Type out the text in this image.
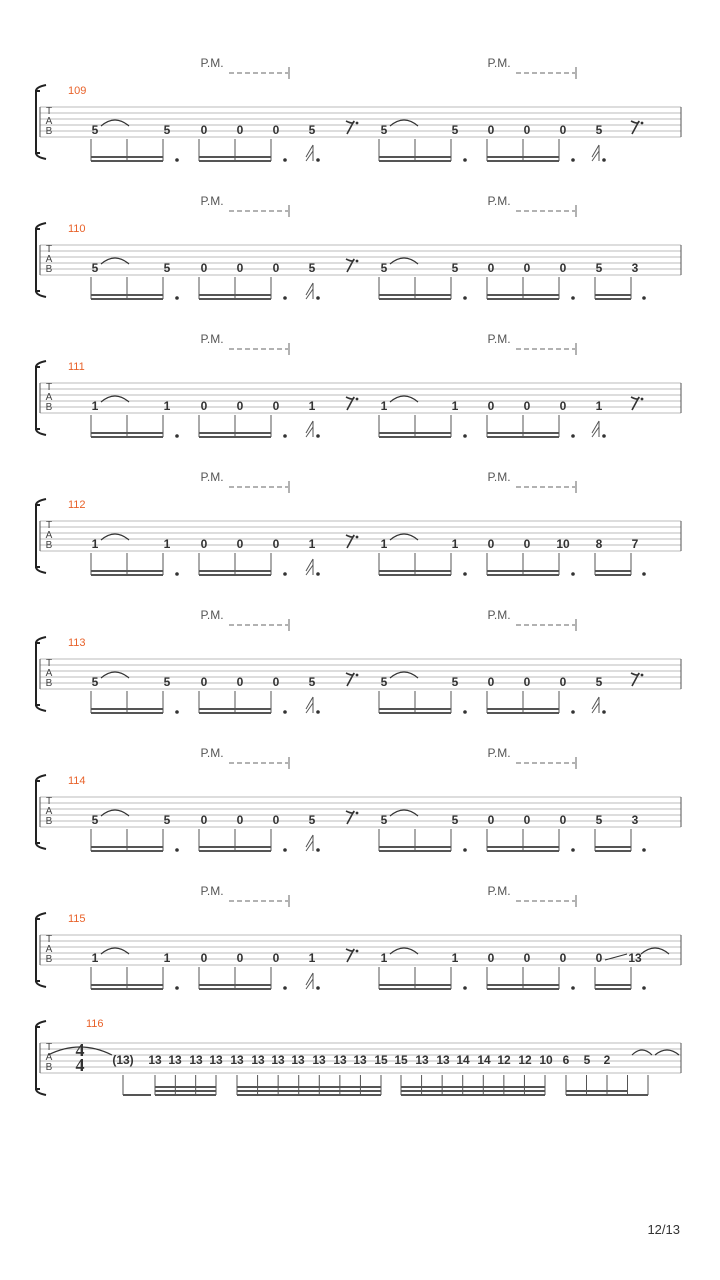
P.M.	P.M.
109
T
A
B	5	5	0 0 0 5	5	5 0 0 0 5
P.M.	P.M.
110
T
A
B	5	5	0 0 0 5	5	5 0 0 0 5 3
P.M.	P.M.
111
T
A
B	1	1	0 0 0 1	1	1 0 0 0 1
P.M.	P.M.
112
T
A
B	1	1	0 0 0 1	1	1 0 0 10 8 7
P.M.	P.M.
113
T
A
B	5	5	0 0 0 5	5	5 0 0 0 5
P.M.	P.M.
114
T
A
B	5	5	0 0 0 5	5	5 0 0 0 5 3
P.M.	P.M.
115
T
A
B	1	1	0 0 0 1	1	1 0 0 0 0 13
116
T
A
B
4
4 (13) 13 13 13 13 13 13 13 13 13 13 13 15 15 13 13 14 14 12 12 10 6 5 2
12/13
